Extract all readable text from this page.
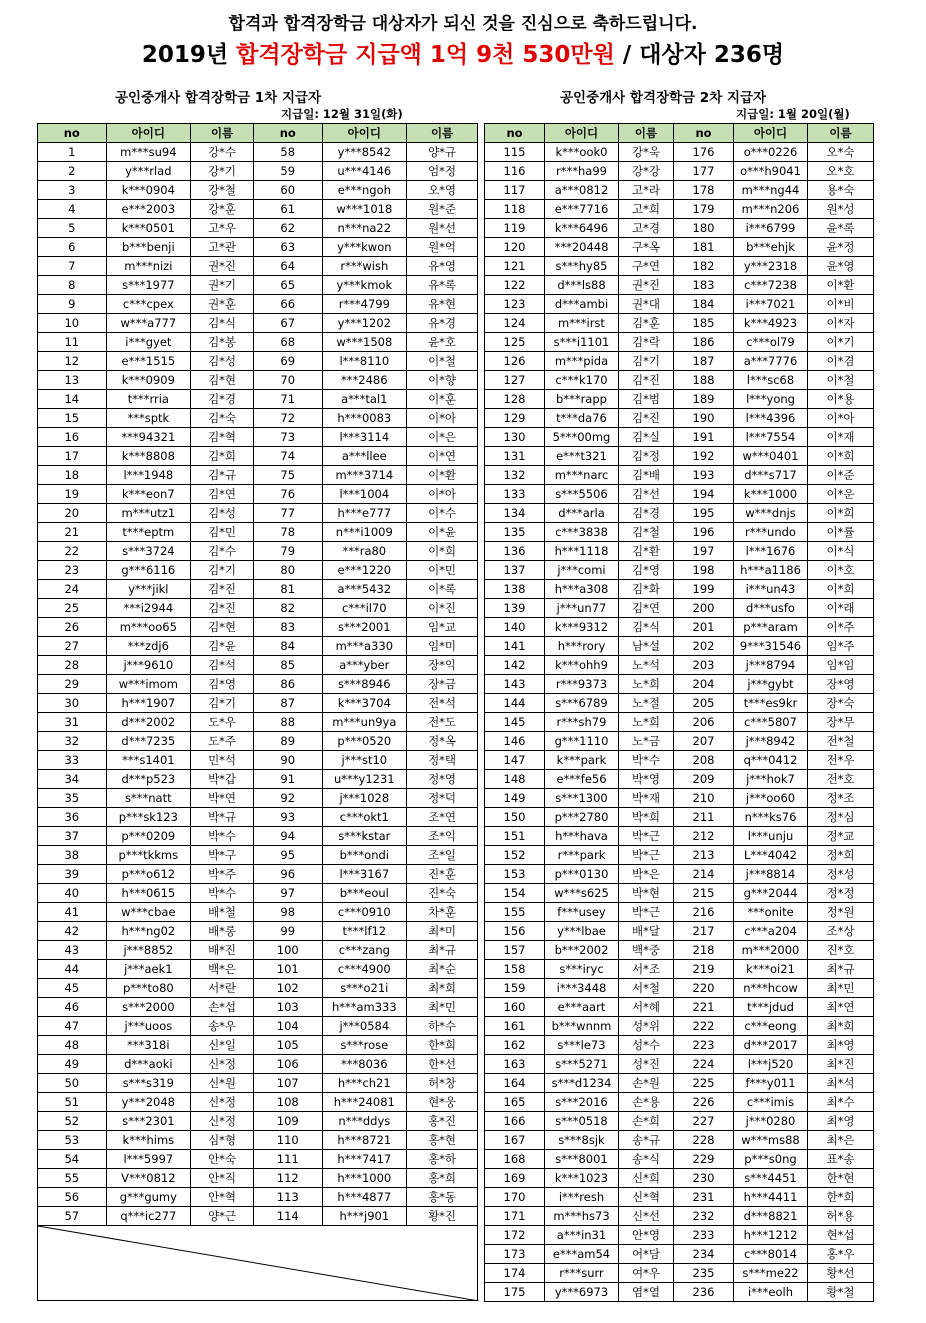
합격과 합격장학금 대상자가 되신 것을 진심으로 축하드립니다.
2019년 합격장학금 지급액 1억 9천 530만원 / 대상자 236명
공인중개사 합격장학금 1차 지급자
지급일: 12월 31일(화)
공인중개사 합격장학금 2차 지급자
지급일: 1월 20일(월)
no	아이디	이름	no	아이디	이름
1	m***su94	강*수	58	y***8542	양*규
2	y***rlad	강*기	59	u***4146	엄*정
3	k***0904	강*철	60	e***ngoh	오*영
4	e***2003	강*훈	61	w***1018	원*준
5	k***0501	고*우	62	n***na22	원*선
6	b***benji	고*관	63	y***kwon	원*억
7	m***nizi	권*진	64	r***wish	유*영
8	s***1977	권*기	65	y***kmok	유*록
9	c***cpex	권*훈	66	r***4799	유*현
10	w***a777	김*식	67	y***1202	유*경
11	i***gyet	김*봉	68	w***1508	윤*호
12	e***1515	김*성	69	l***8110	이*철
13	k***0909	김*현	70	***2486	이*향
14	t***rria	김*경	71	a***tal1	이*훈
15	***sptk	김*숙	72	h***0083	이*아
16	***94321	김*혁	73	l***3114	이*은
17	k***8808	김*희	74	a***llee	이*연
18	l***1948	김*규	75	m***3714	이*환
19	k***eon7	김*연	76	l***1004	이*아
20	m***utz1	김*성	77	h***e777	이*수
21	t***eptm	김*민	78	n***i1009	이*윤
22	s***3724	김*수	79	***ra80	이*희
23	g***6116	김*기	80	e***1220	이*민
24	y***jikl	김*진	81	a***5432	이*록
25	***i2944	김*진	82	c***il70	이*진
26	m***oo65	김*현	83	s***2001	임*교
27	***zdj6	김*윤	84	m***a330	임*미
28	j***9610	김*석	85	a***yber	장*익
29	w***imom	김*영	86	s***8946	장*금
30	h***1907	김*기	87	k***3704	전*석
31	d***2002	도*우	88	m***un9ya	전*도
32	d***7235	도*주	89	p***0520	정*옥
33	***s1401	민*석	90	j***st10	정*택
34	d***p523	박*갑	91	u***y1231	정*영
35	s***natt	박*연	92	j***1028	정*덕
36	p***sk123	박*규	93	c***okt1	조*연
37	p***0209	박*수	94	s***kstar	조*익
38	p***tkkms	박*구	95	b***ondi	조*일
39	p***o612	박*주	96	l***3167	진*훈
40	h***0615	박*수	97	b***eoul	진*숙
41	w***cbae	배*철	98	c***0910	차*훈
42	h***ng02	배*롱	99	t***lf12	최*미
43	j***8852	배*진	100	c***zang	최*규
44	j***aek1	백*은	101	c***4900	최*순
45	p***to80	서*란	102	s***o21i	최*희
46	s***2000	손*섭	103	h***am333	최*민
47	j***uoos	송*우	104	j***0584	하*수
48	***318i	신*일	105	s***rose	한*희
49	d***aoki	신*정	106	***8036	한*선
50	s***s319	신*원	107	h***ch21	허*창
51	y***2048	신*정	108	h***24081	현*웅
52	s***2301	신*정	109	n***ddys	홍*진
53	k***hims	심*형	110	h***8721	홍*현
54	l***5997	안*숙	111	h***7417	홍*하
55	V***0812	안*직	112	h***1000	홍*희
56	g***gumy	안*혁	113	h***4877	홍*동
57	q***ic277	양*근	114	h***j901	황*진
no	아이디	이름	no	아이디	이름
115	k***ook0	강*욱	176	o***0226	오*숙
116	r***ha99	강*강	177	o***h9041	오*호
117	a***0812	고*라	178	m***ng44	용*숙
118	e***7716	고*희	179	m***n206	원*성
119	k***6496	고*경	180	i***6799	윤*록
120	***20448	구*옥	181	b***ehjk	윤*정
121	s***hy85	구*연	182	y***2318	윤*영
122	d***ls88	권*진	183	c***7238	이*환
123	d***ambi	권*대	184	i***7021	이*비
124	m***irst	김*훈	185	k***4923	이*자
125	s***i1101	김*락	186	c***ol79	이*기
126	m***pida	김*기	187	a***7776	이*겸
127	c***k170	김*진	188	l***sc68	이*철
128	b***rapp	김*범	189	l***yong	이*용
129	t***da76	김*진	190	l***4396	이*아
130	5***00mg	김*실	191	l***7554	이*재
131	e***t321	김*정	192	w***0401	이*희
132	m***narc	김*배	193	d***s717	이*준
133	s***5506	김*선	194	k***1000	이*운
134	d***arla	김*경	195	w***dnjs	이*희
135	c***3838	김*철	196	r***undo	이*률
136	h***1118	김*환	197	l***1676	이*식
137	j***comi	김*영	198	h***a1186	이*호
138	h***a308	김*화	199	i***un43	이*희
139	j***un77	김*연	200	d***usfo	이*래
140	k***9312	김*식	201	p***aram	이*주
141	h***rory	남*설	202	9***31546	임*주
142	k***ohh9	노*석	203	j***8794	임*임
143	r***9373	노*희	204	j***gybt	장*영
144	s***6789	노*절	205	t***es9kr	장*숙
145	r***sh79	노*희	206	c***5807	장*무
146	g***1110	노*금	207	j***8942	전*철
147	k***park	박*수	208	q***0412	전*우
148	e***fe56	박*영	209	j***hok7	전*호
149	s***1300	박*재	210	j***oo60	정*조
150	p***2780	박*희	211	n***ks76	정*심
151	h***hava	박*근	212	l***unju	정*교
152	r***park	박*근	213	L***4042	정*희
153	p***0130	박*은	214	j***8814	정*성
154	w***s625	박*현	215	g***2044	정*정
155	f***usey	박*근	216	***onite	정*원
156	y***lbae	배*달	217	c***a204	조*상
157	b***2002	백*중	218	m***2000	진*호
158	s***iryc	서*조	219	k***oi21	최*규
159	i***3448	서*철	220	n***hcow	최*민
160	e***aart	서*혜	221	t***jdud	최*연
161	b***wnnm	성*위	222	c***eong	최*희
162	s***le73	성*수	223	d***2017	최*영
163	s***5271	성*진	224	l***j520	최*진
164	s***d1234	손*원	225	f***y011	최*석
165	s***2016	손*용	226	c***imis	최*수
166	s***0518	손*희	227	j***0280	최*영
167	s***8sjk	송*규	228	w***ms88	최*은
168	s***8001	송*식	229	p***s0ng	표*송
169	k***1023	신*희	230	s***4451	한*현
170	i***resh	신*혁	231	h***4411	한*희
171	m***hs73	신*선	232	d***8821	허*용
172	a***in31	안*영	233	h***1212	현*섭
173	e***am54	어*담	234	c***8014	홍*우
174	r***surr	여*우	235	s***me22	황*선
175	y***6973	염*열	236	i***eolh	황*철
